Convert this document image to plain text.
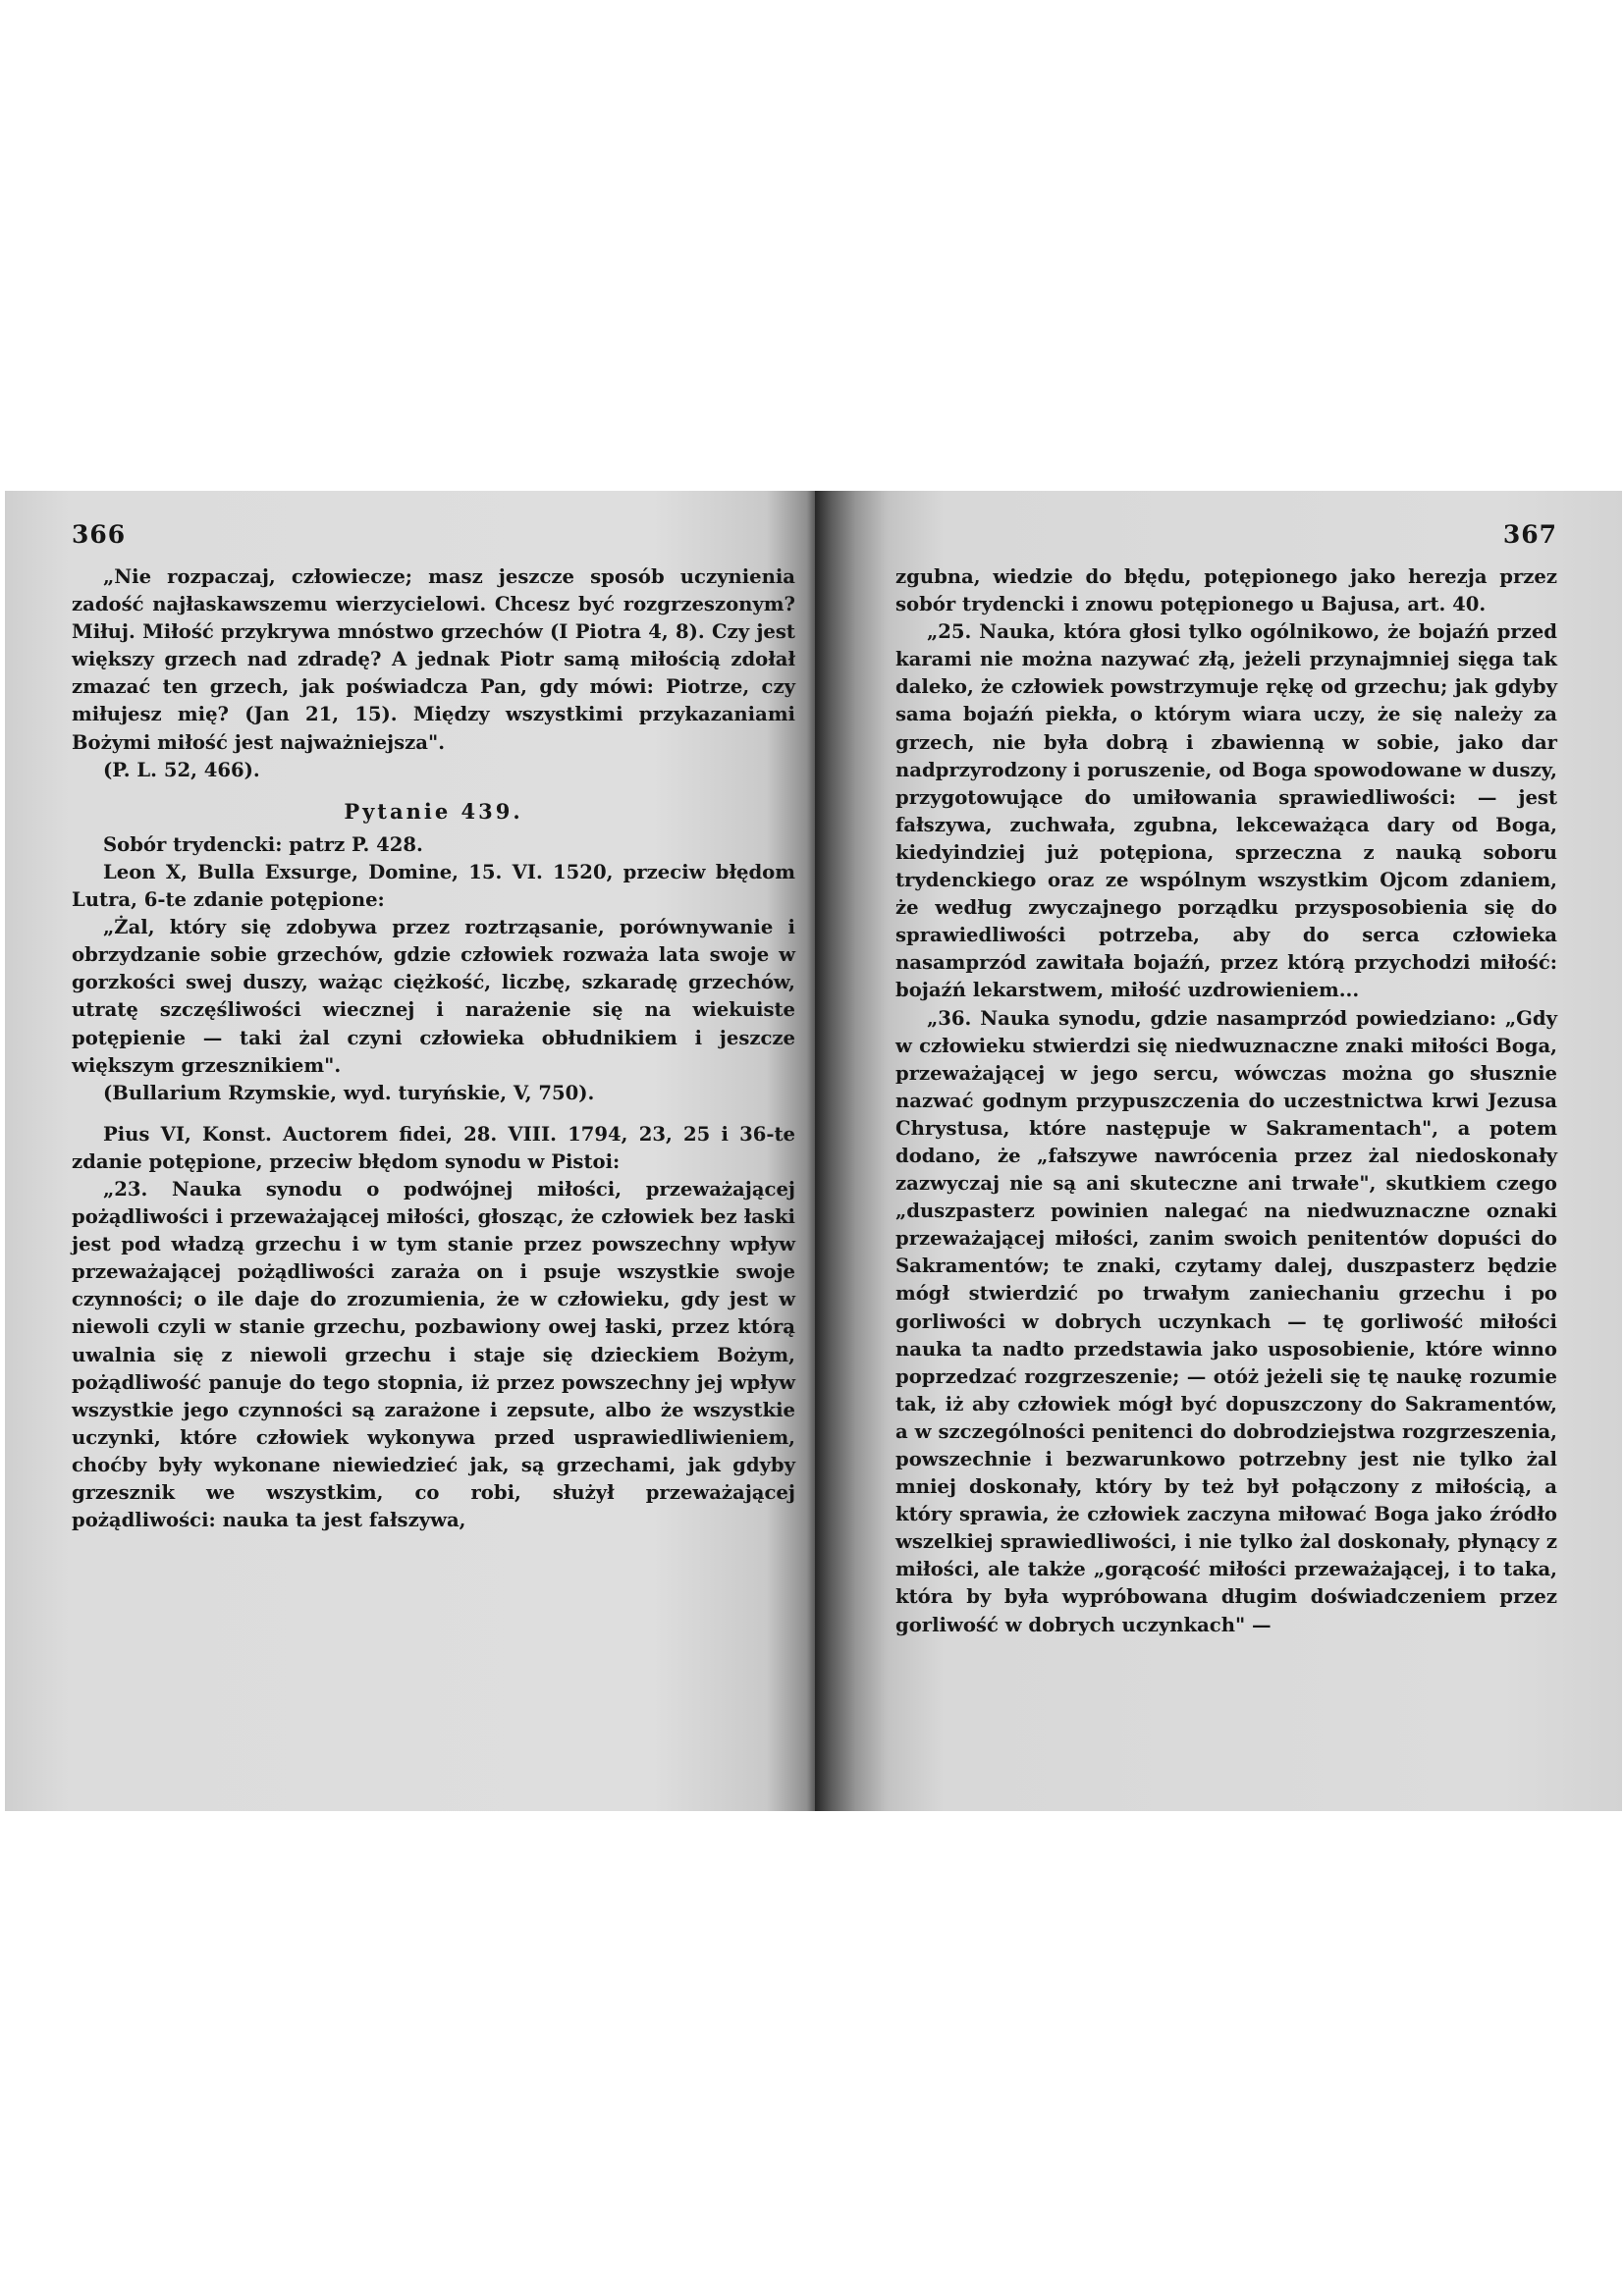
366

„Nie rozpaczaj, człowiecze; masz jeszcze sposób uczynienia zadość najłaskawszemu wierzycielowi. Chcesz być rozgrzeszonym? Miłuj. Miłość przykrywa mnóstwo grzechów (I Piotra 4, 8). Czy jest większy grzech nad zdradę? A jednak Piotr samą miłością zdołał zmazać ten grzech, jak poświadcza Pan, gdy mówi: Piotrze, czy miłujesz mię? (Jan 21, 15). Między wszystkimi przykazaniami Bożymi miłość jest najważniejsza".

(P. L. 52, 466).

Pytanie 439.

Sobór trydencki: patrz P. 428.

Leon X, Bulla Exsurge, Domine, 15. VI. 1520, przeciw błędom Lutra, 6-te zdanie potępione:

„Żal, który się zdobywa przez roztrząsanie, porównywanie i obrzydzanie sobie grzechów, gdzie człowiek rozważa lata swoje w gorzkości swej duszy, ważąc ciężkość, liczbę, szkaradę grzechów, utratę szczęśliwości wiecznej i narażenie się na wiekuiste potępienie — taki żal czyni człowieka obłudnikiem i jeszcze większym grzesznikiem".

(Bullarium Rzymskie, wyd. turyńskie, V, 750).

Pius VI, Konst. Auctorem fidei, 28. VIII. 1794, 23, 25 i 36-te zdanie potępione, przeciw błędom synodu w Pistoi:

„23. Nauka synodu o podwójnej miłości, przeważającej pożądliwości i przeważającej miłości, głosząc, że człowiek bez łaski jest pod władzą grzechu i w tym stanie przez powszechny wpływ przeważającej pożądliwości zaraża on i psuje wszystkie swoje czynności; o ile daje do zrozumienia, że w człowieku, gdy jest w niewoli czyli w stanie grzechu, pozbawiony owej łaski, przez którą uwalnia się z niewoli grzechu i staje się dzieckiem Bożym, pożądliwość panuje do tego stopnia, iż przez powszechny jej wpływ wszystkie jego czynności są zarażone i zepsute, albo że wszystkie uczynki, które człowiek wykonywa przed usprawiedliwieniem, choćby były wykonane niewiedzieć jak, są grzechami, jak gdyby grzesznik we wszystkim, co robi, służył przeważającej pożądliwości: nauka ta jest fałszywa,

367

zgubna, wiedzie do błędu, potępionego jako herezja przez sobór trydencki i znowu potępionego u Bajusa, art. 40.

„25. Nauka, która głosi tylko ogólnikowo, że bojaźń przed karami nie można nazywać złą, jeżeli przynajmniej sięga tak daleko, że człowiek powstrzymuje rękę od grzechu; jak gdyby sama bojaźń piekła, o którym wiara uczy, że się należy za grzech, nie była dobrą i zbawienną w sobie, jako dar nadprzyrodzony i poruszenie, od Boga spowodowane w duszy, przygotowujące do umiłowania sprawiedliwości: — jest fałszywa, zuchwała, zgubna, lekceważąca dary od Boga, kiedyindziej już potępiona, sprzeczna z nauką soboru trydenckiego oraz ze wspólnym wszystkim Ojcom zdaniem, że według zwyczajnego porządku przysposobienia się do sprawiedliwości potrzeba, aby do serca człowieka nasamprzód zawitała bojaźń, przez którą przychodzi miłość: bojaźń lekarstwem, miłość uzdrowieniem...

„36. Nauka synodu, gdzie nasamprzód powiedziano: „Gdy w człowieku stwierdzi się niedwuznaczne znaki miłości Boga, przeważającej w jego sercu, wówczas można go słusznie nazwać godnym przypuszczenia do uczestnictwa krwi Jezusa Chrystusa, które następuje w Sakramentach", a potem dodano, że „fałszywe nawrócenia przez żal niedoskonały zazwyczaj nie są ani skuteczne ani trwałe", skutkiem czego „duszpasterz powinien nalegać na niedwuznaczne oznaki przeważającej miłości, zanim swoich penitentów dopuści do Sakramentów; te znaki, czytamy dalej, duszpasterz będzie mógł stwierdzić po trwałym zaniechaniu grzechu i po gorliwości w dobrych uczynkach — tę gorliwość miłości nauka ta nadto przedstawia jako usposobienie, które winno poprzedzać rozgrzeszenie; — otóż jeżeli się tę naukę rozumie tak, iż aby człowiek mógł być dopuszczony do Sakramentów, a w szczególności penitenci do dobrodziejstwa rozgrzeszenia, powszechnie i bezwarunkowo potrzebny jest nie tylko żal mniej doskonały, który by też był połączony z miłością, a który sprawia, że człowiek zaczyna miłować Boga jako źródło wszelkiej sprawiedliwości, i nie tylko żal doskonały, płynący z miłości, ale także „gorącość miłości przeważającej, i to taka, która by była wypróbowana długim doświadczeniem przez gorliwość w dobrych uczynkach" —
